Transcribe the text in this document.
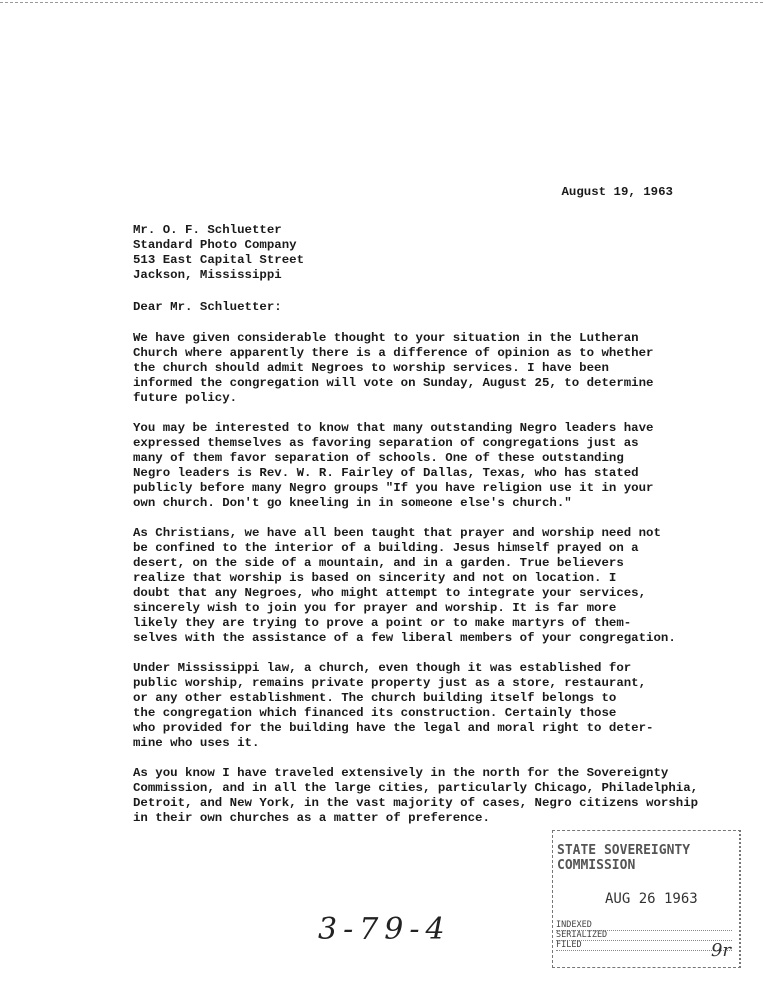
August 19, 1963

Mr. O. F. Schluetter

Standard Photo Company

513 East Capital Street

Jackson, Mississippi

Dear Mr. Schluetter:

We have given considerable thought to your situation in the Lutheran
Church where apparently there is a difference of opinion as to whether
the church should admit Negroes to worship services. I have been
informed the congregation will vote on Sunday, August 25, to determine
future policy.

You may be interested to know that many outstanding Negro leaders have
expressed themselves as favoring separation of congregations just as
many of them favor separation of schools. One of these outstanding
Negro leaders is Rev. W. R. Fairley of Dallas, Texas, who has stated
publicly before many Negro groups "If you have religion use it in your
own church. Don't go kneeling in in someone else's church."

As Christians, we have all been taught that prayer and worship need not
be confined to the interior of a building. Jesus himself prayed on a
desert, on the side of a mountain, and in a garden. True believers
realize that worship is based on sincerity and not on location. I
doubt that any Negroes, who might attempt to integrate your services,
sincerely wish to join you for prayer and worship. It is far more
likely they are trying to prove a point or to make martyrs of them-
selves with the assistance of a few liberal members of your congregation.

Under Mississippi law, a church, even though it was established for
public worship, remains private property just as a store, restaurant,
or any other establishment. The church building itself belongs to
the congregation which financed its construction. Certainly those
who provided for the building have the legal and moral right to deter-
mine who uses it.

As you know I have traveled extensively in the north for the Sovereignty
Commission, and in all the large cities, particularly Chicago, Philadelphia,
Detroit, and New York, in the vast majority of cases, Negro citizens worship
in their own churches as a matter of preference.

STATE SOVEREIGNTY COMMISSION
AUG 26 1963
INDEXED
SERIALIZED
FILED	9r
3-79-4
